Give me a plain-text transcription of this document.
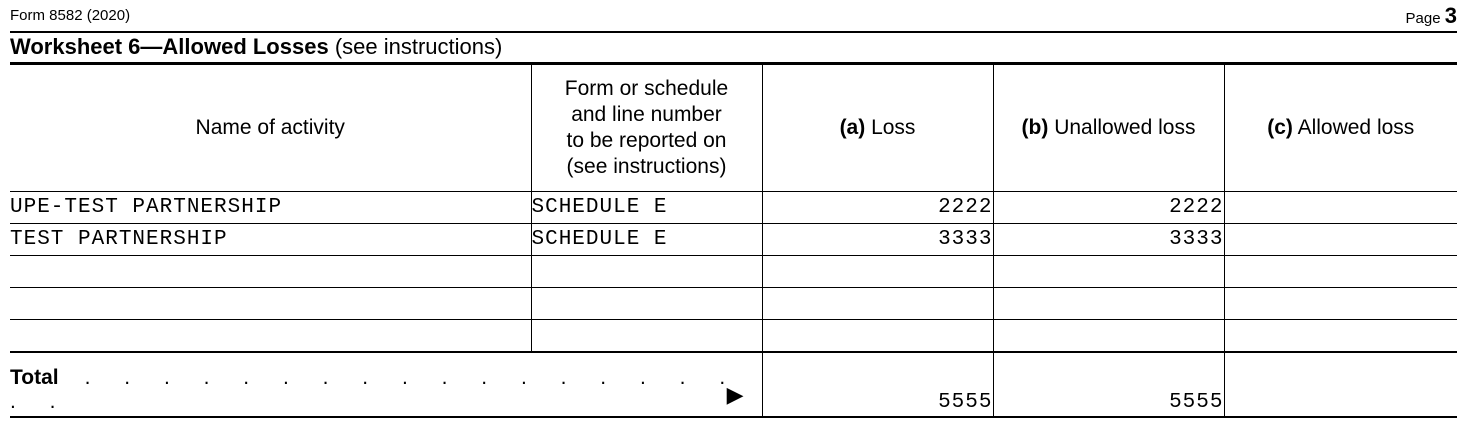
Form 8582 (2020)	Page 3
Worksheet 6—Allowed Losses (see instructions)
Name of activity	Form or schedule
and line number
to be reported on
(see instructions)	(a) Loss	(b) Unallowed loss	(c) Allowed loss
UPE-TEST PARTNERSHIP	SCHEDULE E	2222	2222	
TEST PARTNERSHIP	SCHEDULE E	3333	3333	

Total . . . . . . . . . . . . . . . . . . . ▶		5555	5555	
